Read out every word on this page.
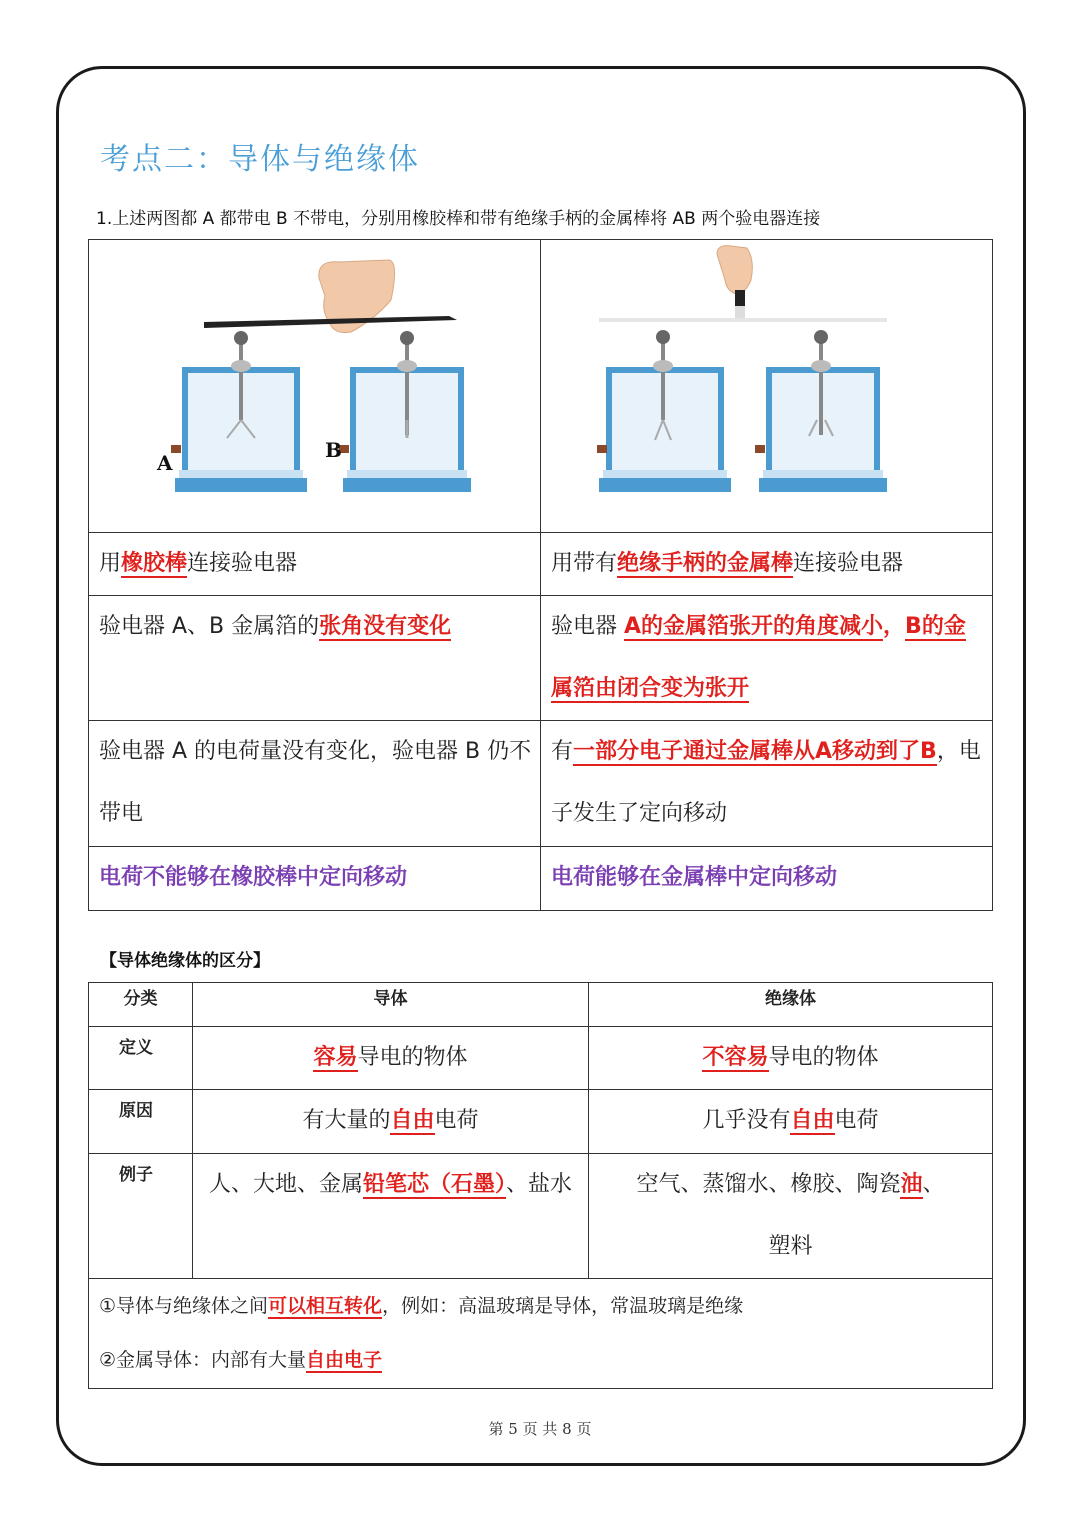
考点二：导体与绝缘体
1.上述两图都 A 都带电 B 不带电，分别用橡胶棒和带有绝缘手柄的金属棒将 AB 两个验电器连接
A
B

用橡胶棒连接验电器	用带有绝缘手柄的金属棒连接验电器
验电器 A、B 金属箔的张角没有变化	验电器 A的金属箔张开的角度减小，B的金属箔由闭合变为张开
验电器 A 的电荷量没有变化，验电器 B 仍不带电	有一部分电子通过金属棒从A移动到了B，电子发生了定向移动
电荷不能够在橡胶棒中定向移动	电荷能够在金属棒中定向移动
【导体绝缘体的区分】
分类	导体	绝缘体
定义	容易导电的物体	不容易导电的物体
原因	有大量的自由电荷	几乎没有自由电荷
例子	人、大地、金属铅笔芯（石墨）、盐水	空气、蒸馏水、橡胶、陶瓷油、塑料

①导体与绝缘体之间可以相互转化，例如：高温玻璃是导体，常温玻璃是绝缘
②金属导体：内部有大量自由电子		
第 5 页 共 8 页
